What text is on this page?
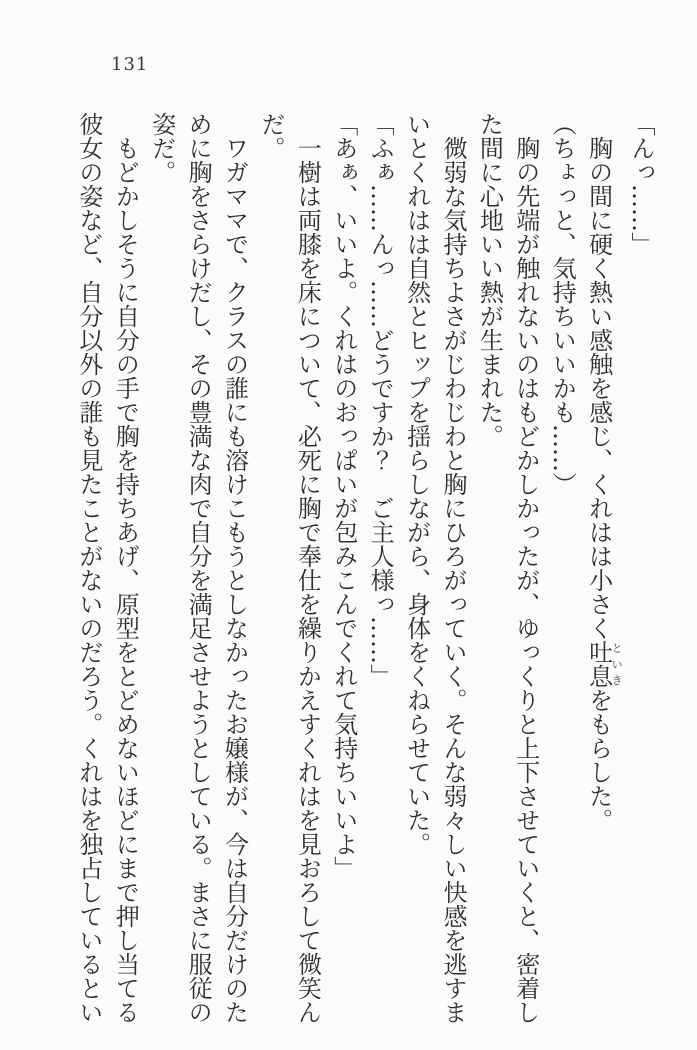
131

「んっ……」

　胸の間に硬く熱い感触を感じ、くれはは小さく吐息といきをもらした。

（ちょっと、気持ちいいかも……）

　胸の先端が触れないのはもどかしかったが、ゆっくりと上下させていくと、密着した間に心地いい熱が生まれた。

　微弱な気持ちよさがじわじわと胸にひろがっていく。そんな弱々しい快感を逃すまいとくれはは自然とヒップを揺らしながら、身体をくねらせていた。

「ふぁ……んっ……どうですか？　ご主人様っ……」

「あぁ、いいよ。くれはのおっぱいが包みこんでくれて気持ちいいよ」

　一樹は両膝を床について、必死に胸で奉仕を繰りかえすくれはを見おろして微笑んだ。

　ワガママで、クラスの誰にも溶けこもうとしなかったお嬢様が、今は自分だけのために胸をさらけだし、その豊満な肉で自分を満足させようとしている。まさに服従の姿だ。

　もどかしそうに自分の手で胸を持ちあげ、原型をとどめないほどにまで押し当てる彼女の姿など、自分以外の誰も見たことがないのだろう。くれはを独占しているとい
